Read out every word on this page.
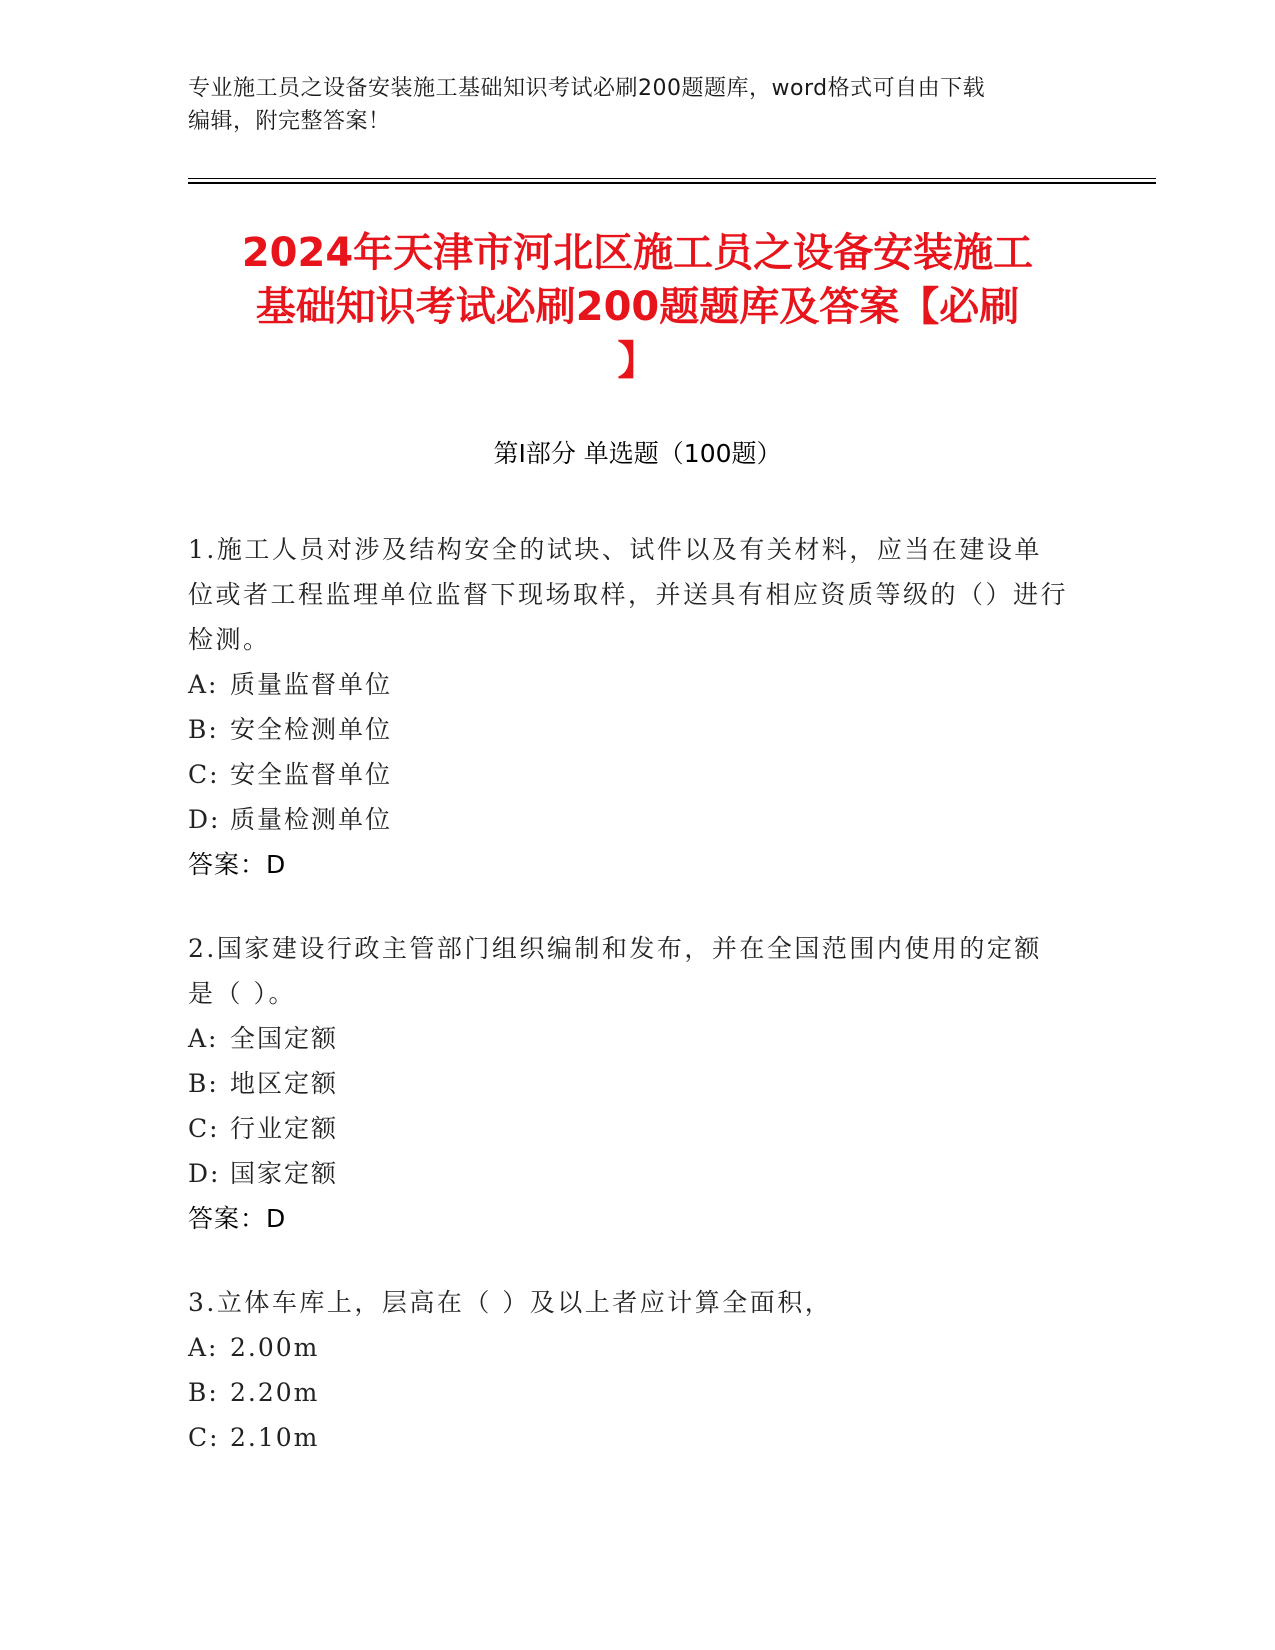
专业施工员之设备安装施工基础知识考试必刷200题题库，word格式可自由下载
编辑，附完整答案！
2024年天津市河北区施工员之设备安装施工
基础知识考试必刷200题题库及答案【必刷
】
第Ⅰ部分 单选题（100题）
1.施工人员对涉及结构安全的试块、试件以及有关材料，应当在建设单位或者工程监理单位监督下现场取样，并送具有相应资质等级的（）进行检测。
A: 质量监督单位
B: 安全检测单位
C: 安全监督单位
D: 质量检测单位
答案：D
2.国家建设行政主管部门组织编制和发布，并在全国范围内使用的定额是（ ）。
A: 全国定额
B: 地区定额
C: 行业定额
D: 国家定额
答案：D
3.立体车库上，层高在（ ）及以上者应计算全面积，
A: 2.00m
B: 2.20m
C: 2.10m
